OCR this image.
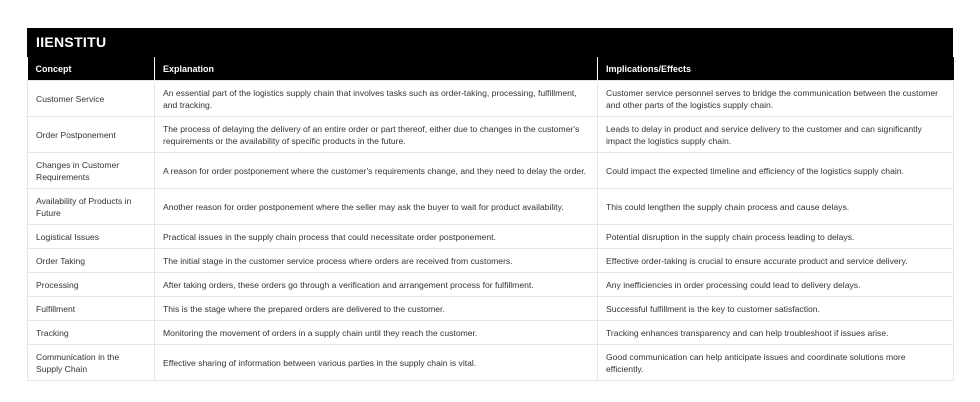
IIENSTITU
Concept	Explanation	Implications/Effects
Customer Service	An essential part of the logistics supply chain that involves tasks such as order-taking, processing, fulfillment, and tracking.	Customer service personnel serves to bridge the communication between the customer and other parts of the logistics supply chain.
Order Postponement	The process of delaying the delivery of an entire order or part thereof, either due to changes in the customer's requirements or the availability of specific products in the future.	Leads to delay in product and service delivery to the customer and can significantly impact the logistics supply chain.
Changes in Customer Requirements	A reason for order postponement where the customer's requirements change, and they need to delay the order.	Could impact the expected timeline and efficiency of the logistics supply chain.
Availability of Products in Future	Another reason for order postponement where the seller may ask the buyer to wait for product availability.	This could lengthen the supply chain process and cause delays.
Logistical Issues	Practical issues in the supply chain process that could necessitate order postponement.	Potential disruption in the supply chain process leading to delays.
Order Taking	The initial stage in the customer service process where orders are received from customers.	Effective order-taking is crucial to ensure accurate product and service delivery.
Processing	After taking orders, these orders go through a verification and arrangement process for fulfillment.	Any inefficiencies in order processing could lead to delivery delays.
Fulfillment	This is the stage where the prepared orders are delivered to the customer.	Successful fulfillment is the key to customer satisfaction.
Tracking	Monitoring the movement of orders in a supply chain until they reach the customer.	Tracking enhances transparency and can help troubleshoot if issues arise.
Communication in the Supply Chain	Effective sharing of information between various parties in the supply chain is vital.	Good communication can help anticipate issues and coordinate solutions more efficiently.
